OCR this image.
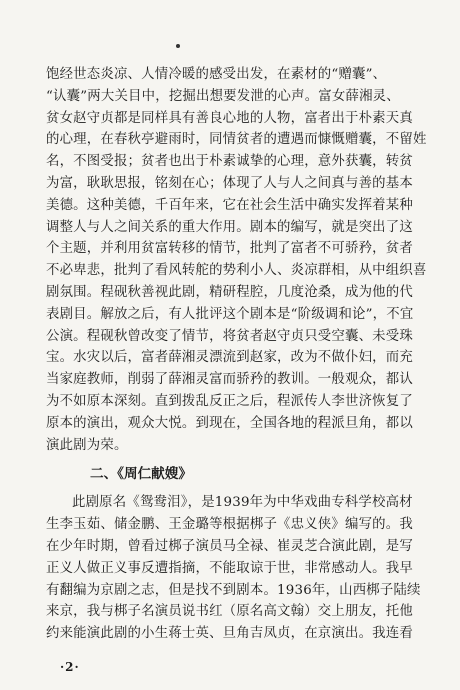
饱经世态炎凉、人情冷暖的感受出发，在素材的“赠囊”、
“认囊”两大关目中，挖掘出想要发泄的心声。富女薛湘灵、
贫女赵守贞都是同样具有善良心地的人物，富者出于朴素天真
的心理，在春秋亭避雨时，同情贫者的遭遇而慷慨赠囊，不留姓
名，不图受报；贫者也出于朴素诚挚的心理，意外获囊，转贫
为富，耿耿思报，铭刻在心；体现了人与人之间真与善的基本
美德。这种美德，千百年来，它在社会生活中确实发挥着某种
调整人与人之间关系的重大作用。剧本的编写，就是突出了这
个主题，并利用贫富转移的情节，批判了富者不可骄矜，贫者
不必卑悲，批判了看风转舵的势利小人、炎凉群相，从中组织喜
剧氛围。程砚秋善视此剧，精研程腔，几度沧桑，成为他的代
表剧目。解放之后，有人批评这个剧本是“阶级调和论”，不宜
公演。程砚秋曾改变了情节，将贫者赵守贞只受空囊、未受珠
宝。水灾以后，富者薛湘灵漂流到赵家，改为不做仆妇，而充
当家庭教师，削弱了薛湘灵富而骄矜的教训。一般观众，都认
为不如原本深刻。直到拨乱反正之后，程派传人李世济恢复了
原本的演出，观众大悦。到现在，全国各地的程派旦角，都以
演此剧为荣。
二、《周仁献嫂》
此剧原名《鸳鸯泪》，是1939年为中华戏曲专科学校高材
生李玉茹、储金鹏、王金璐等根据梆子《忠义侠》编写的。我
在少年时期，曾看过梆子演员马全禄、崔灵芝合演此剧，是写
正义人做正义事反遭指摘，不能取谅于世，非常感动人。我早
有翻编为京剧之志，但是找不到剧本。1936年，山西梆子陆续
来京，我与梆子名演员说书红（原名高文翰）交上朋友，托他
约来能演此剧的小生蒋士英、旦角吉凤贞，在京演出。我连看
·2·
